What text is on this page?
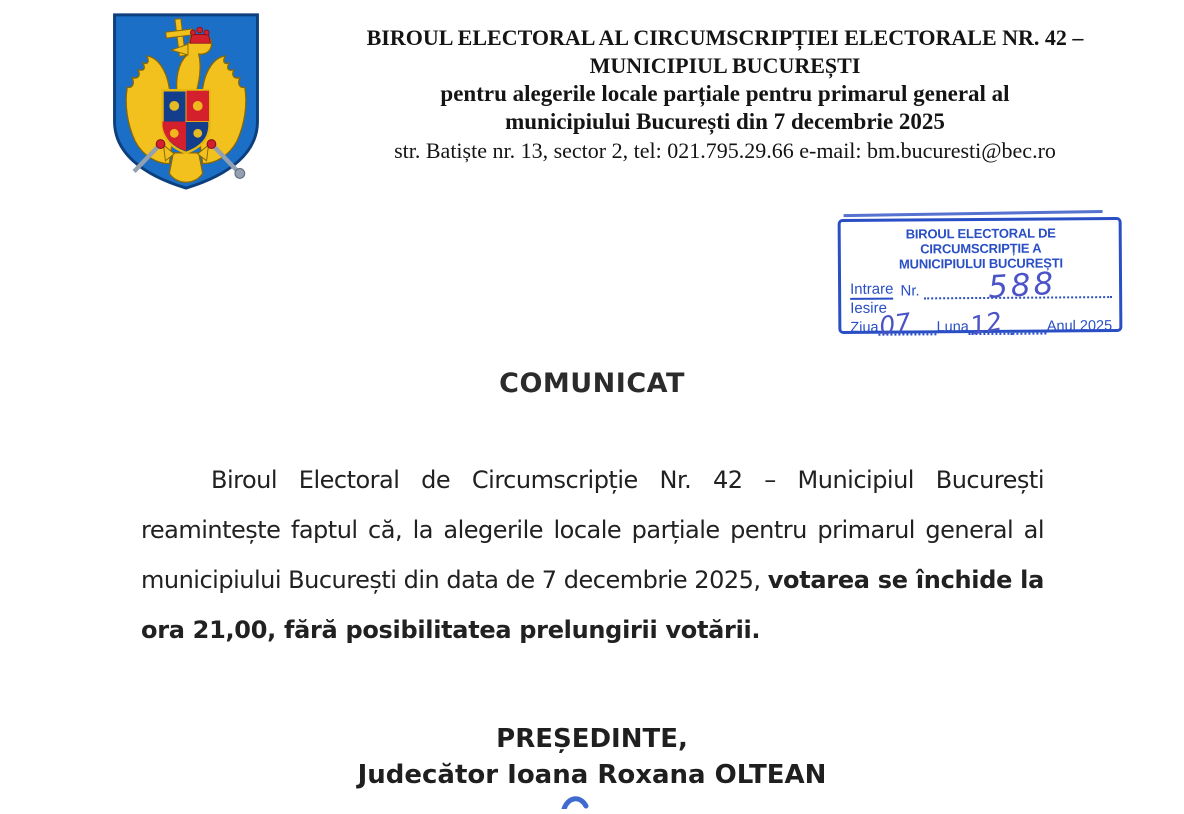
BIROUL ELECTORAL AL CIRCUMSCRIPȚIEI ELECTORALE NR. 42 –
MUNICIPIUL BUCUREȘTI
pentru alegerile locale parțiale pentru primarul general al
municipiului București din 7 decembrie 2025
str. Batiște nr. 13, sector 2, tel: 021.795.29.66 e-mail: bm.bucuresti@bec.ro
BIROUL ELECTORAL DE CIRCUMSCRIPȚIE A
MUNICIPIULUI BUCUREȘTI
Intrare
Iesire
Nr. 588
Ziua
07 Luna 12	Anul 2025
COMUNICAT
Biroul Electoral de Circumscripție Nr. 42 – Municipiul București reamintește faptul că, la alegerile locale parțiale pentru primarul general al municipiului București din data de 7 decembrie 2025, votarea se închide la ora 21,00, fără posibilitatea prelungirii votării.
PREȘEDINTE,
Judecător Ioana Roxana OLTEAN
